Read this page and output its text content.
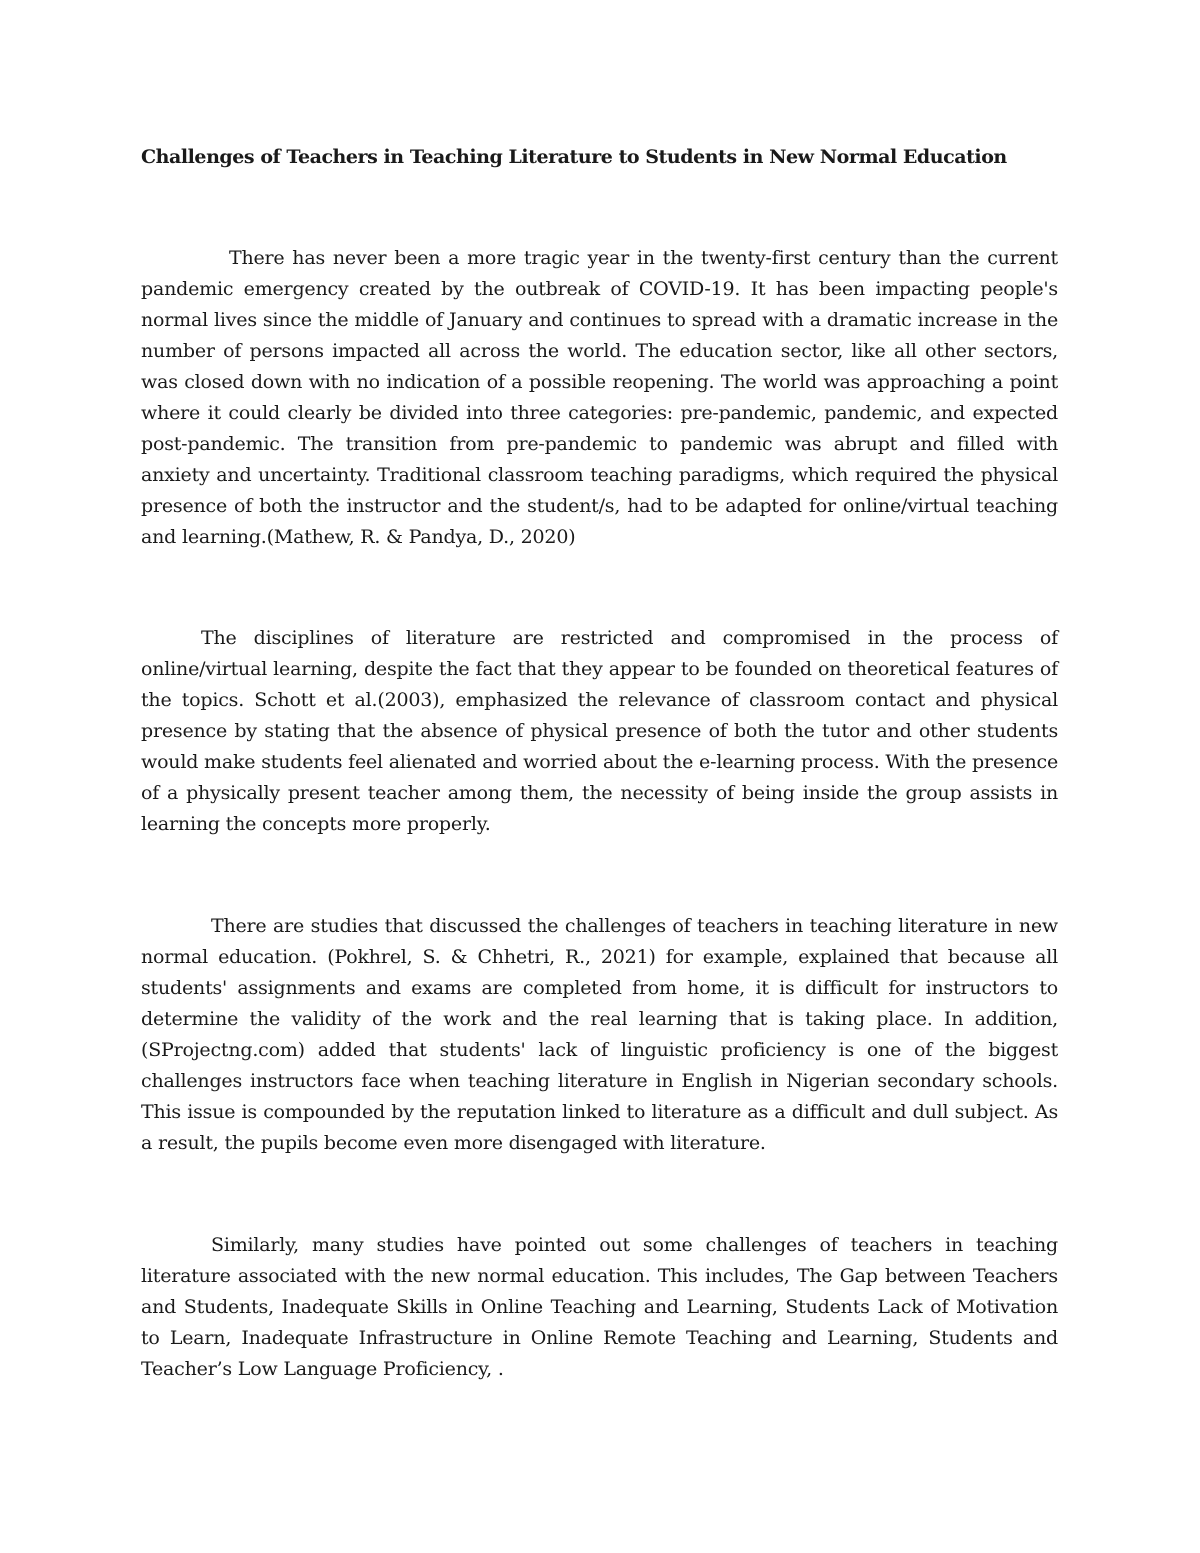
Challenges of Teachers in Teaching Literature to Students in New Normal Education

There has never been a more tragic year in the twenty-first century than the current pandemic emergency created by the outbreak of COVID-19. It has been impacting people's normal lives since the middle of January and continues to spread with a dramatic increase in the number of persons impacted all across the world. The education sector, like all other sectors, was closed down with no indication of a possible reopening. The world was approaching a point where it could clearly be divided into three categories: pre-pandemic, pandemic, and expected post-pandemic. The transition from pre-pandemic to pandemic was abrupt and filled with anxiety and uncertainty. Traditional classroom teaching paradigms, which required the physical presence of both the instructor and the student/s, had to be adapted for online/virtual teaching and learning.(Mathew, R. & Pandya, D., 2020)

The disciplines of literature are restricted and compromised in the process of online/virtual learning, despite the fact that they appear to be founded on theoretical features of the topics. Schott et al.(2003), emphasized the relevance of classroom contact and physical presence by stating that the absence of physical presence of both the tutor and other students would make students feel alienated and worried about the e-learning process. With the presence of a physically present teacher among them, the necessity of being inside the group assists in learning the concepts more properly.

There are studies that discussed the challenges of teachers in teaching literature in new normal education. (Pokhrel, S. & Chhetri, R., 2021) for example, explained that because all students' assignments and exams are completed from home, it is difficult for instructors to determine the validity of the work and the real learning that is taking place. In addition, (SProjectng.com) added that students' lack of linguistic proficiency is one of the biggest challenges instructors face when teaching literature in English in Nigerian secondary schools. This issue is compounded by the reputation linked to literature as a difficult and dull subject. As a result, the pupils become even more disengaged with literature.

Similarly, many studies have pointed out some challenges of teachers in teaching literature associated with the new normal education. This includes, The Gap between Teachers and Students, Inadequate Skills in Online Teaching and Learning, Students Lack of Motivation to Learn, Inadequate Infrastructure in Online Remote Teaching and Learning, Students and Teacher’s Low Language Proficiency, .
